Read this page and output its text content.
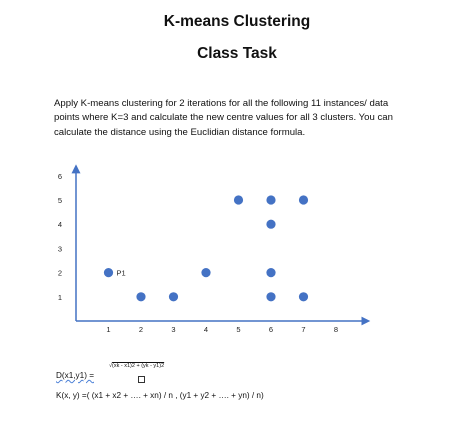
K-means Clustering
Class Task
Apply K-means clustering for 2 iterations for all the following 11 instances/ data
points where K=3 and calculate the new centre values for all 3 clusters. You can
calculate the distance using the Euclidian distance formula.
1	2	3	4	5	6	7	8
1
2
3
4
5
6
P1
D(x1,y1) =
√(xk - x1)2 + (yk - y1)2
K(x, y) =( (x1 + x2 + …. + xn) / n , (y1 + y2 + …. + yn) / n)
